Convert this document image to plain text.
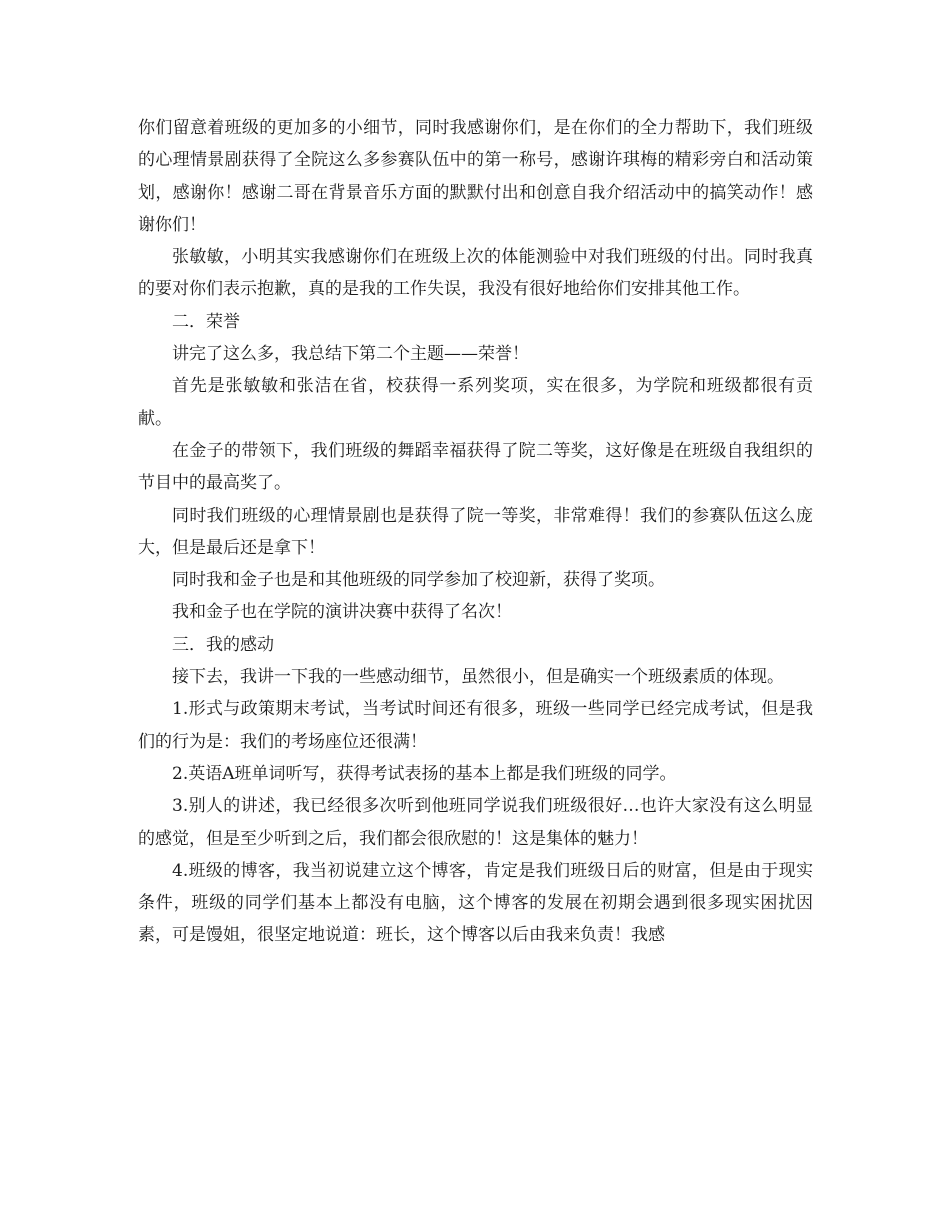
你们留意着班级的更加多的小细节，同时我感谢你们，是在你们的全力帮助下，我们班级的心理情景剧获得了全院这么多参赛队伍中的第一称号，感谢许琪梅的精彩旁白和活动策划，感谢你！感谢二哥在背景音乐方面的默默付出和创意自我介绍活动中的搞笑动作！感谢你们！

张敏敏，小明其实我感谢你们在班级上次的体能测验中对我们班级的付出。同时我真的要对你们表示抱歉，真的是我的工作失误，我没有很好地给你们安排其他工作。

二．荣誉

讲完了这么多，我总结下第二个主题——荣誉！

首先是张敏敏和张洁在省，校获得一系列奖项，实在很多，为学院和班级都很有贡献。

在金子的带领下，我们班级的舞蹈幸福获得了院二等奖，这好像是在班级自我组织的节目中的最高奖了。

同时我们班级的心理情景剧也是获得了院一等奖，非常难得！我们的参赛队伍这么庞大，但是最后还是拿下！

同时我和金子也是和其他班级的同学参加了校迎新，获得了奖项。

我和金子也在学院的演讲决赛中获得了名次！

三．我的感动

接下去，我讲一下我的一些感动细节，虽然很小，但是确实一个班级素质的体现。

1.形式与政策期末考试，当考试时间还有很多，班级一些同学已经完成考试，但是我们的行为是：我们的考场座位还很满！

2.英语A班单词听写，获得考试表扬的基本上都是我们班级的同学。

3.别人的讲述，我已经很多次听到他班同学说我们班级很好…也许大家没有这么明显的感觉，但是至少听到之后，我们都会很欣慰的！这是集体的魅力！

4.班级的博客，我当初说建立这个博客，肯定是我们班级日后的财富，但是由于现实条件，班级的同学们基本上都没有电脑，这个博客的发展在初期会遇到很多现实困扰因素，可是馒姐，很坚定地说道：班长，这个博客以后由我来负责！我感
